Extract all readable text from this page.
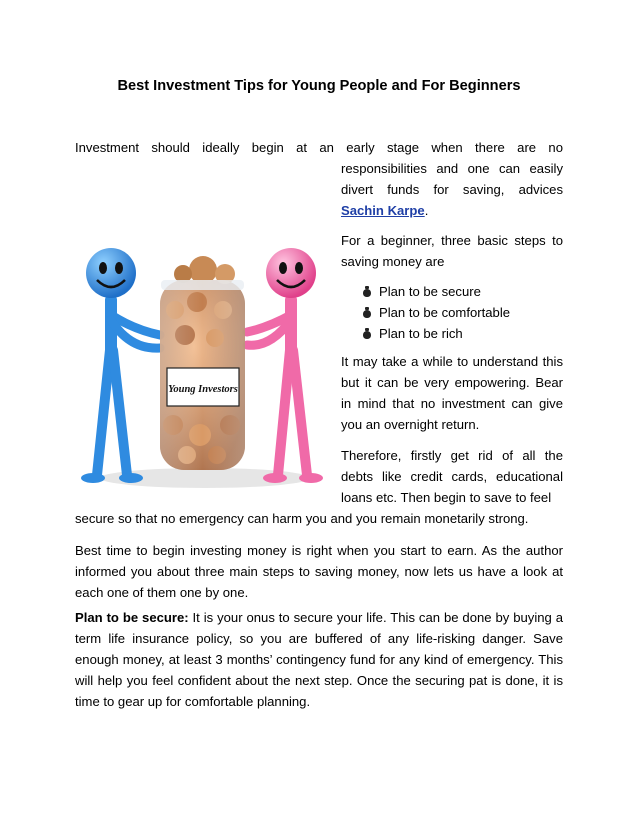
Best Investment Tips for Young People and For Beginners

Investment should ideally begin at an early stage when there are no

responsibilities and one can easily divert funds for saving, advices Sachin Karpe.

For a beginner, three basic steps to saving money are

Plan to be secure
Plan to be comfortable
Plan to be rich

It may take a while to understand this but it can be very empowering. Bear in mind that no investment can give you an overnight return.

Therefore, firstly get rid of all the debts like credit cards, educational loans etc. Then begin to save to feel

secure so that no emergency can harm you and you remain monetarily strong.

Best time to begin investing money is right when you start to earn. As the author informed you about three main steps to saving money, now lets us have a look at each one of them one by one.

Plan to be secure: It is your onus to secure your life. This can be done by buying a term life insurance policy, so you are buffered of any life-risking danger. Save enough money, at least 3 months’ contingency fund for any kind of emergency. This will help you feel confident about the next step. Once the securing pat is done, it is time to gear up for comfortable planning.

Young Investors
